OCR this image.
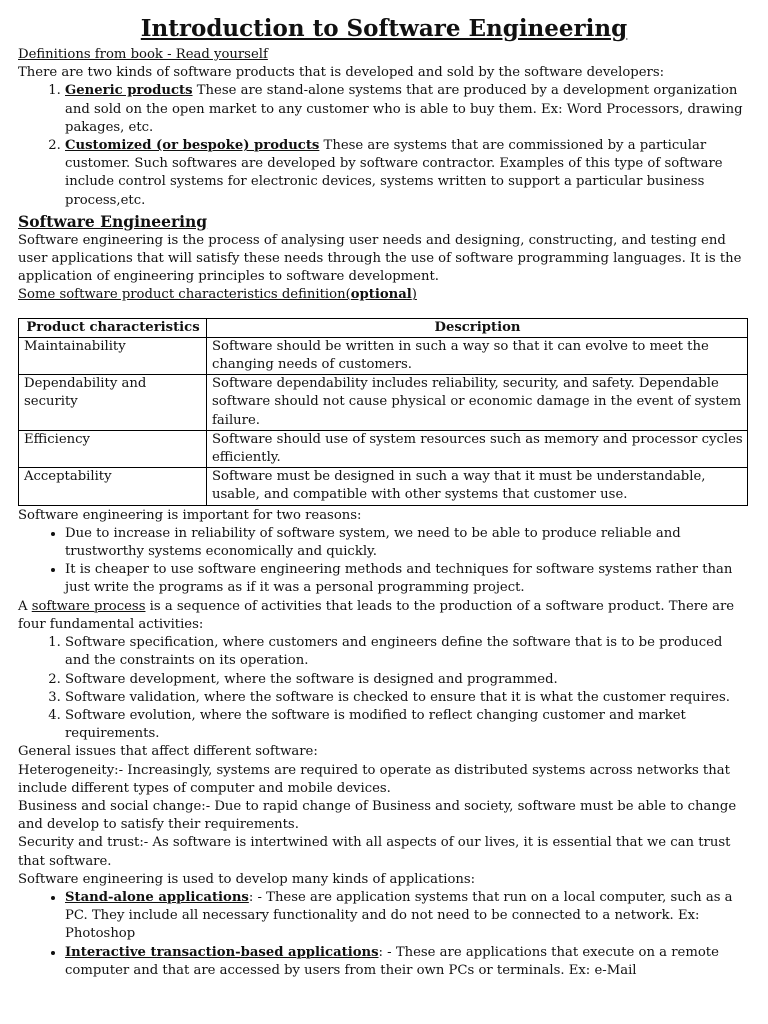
Introduction to Software Engineering

Definitions from book - Read yourself

There are two kinds of software products that is developed and sold by the software developers:

1. Generic products These are stand-alone systems that are produced by a development organization and sold on the open market to any customer who is able to buy them. Ex: Word Processors, drawing pakages, etc.
2. Customized (or bespoke) products These are systems that are commissioned by a particular customer. Such softwares are developed by software contractor. Examples of this type of software include control systems for electronic devices, systems written to support a particular business process,etc.
Software Engineering

Software engineering is the process of analysing user needs and designing, constructing, and testing end user applications that will satisfy these needs through the use of software programming languages. It is the application of engineering principles to software development.

Some software product characteristics definition(optional)

Product characteristics	Description
Maintainability	Software should be written in such a way so that it can evolve to meet the changing needs of customers.
Dependability and security	Software dependability includes reliability, security, and safety. Dependable software should not cause physical or economic damage in the event of system failure.
Efficiency	Software should use of system resources such as memory and processor cycles efficiently.
Acceptability	Software must be designed in such a way that it must be understandable, usable, and compatible with other systems that customer use.

Software engineering is important for two reasons:

• Due to increase in reliability of software system, we need to be able to produce reliable and trustworthy systems economically and quickly.
• It is cheaper to use software engineering methods and techniques for software systems rather than just write the programs as if it was a personal programming project.

A software process is a sequence of activities that leads to the production of a software product. There are four fundamental activities:

1. Software specification, where customers and engineers define the software that is to be produced and the constraints on its operation.
2. Software development, where the software is designed and programmed.
3. Software validation, where the software is checked to ensure that it is what the customer requires.
4. Software evolution, where the software is modified to reflect changing customer and market requirements.

General issues that affect different software:

Heterogeneity:- Increasingly, systems are required to operate as distributed systems across networks that include different types of computer and mobile devices.

Business and social change:- Due to rapid change of Business and society, software must be able to change and develop to satisfy their requirements.

Security and trust:- As software is intertwined with all aspects of our lives, it is essential that we can trust that software.

Software engineering is used to develop many kinds of applications:

• Stand-alone applications: - These are application systems that run on a local computer, such as a PC. They include all necessary functionality and do not need to be connected to a network. Ex: Photoshop
• Interactive transaction-based applications: - These are applications that execute on a remote computer and that are accessed by users from their own PCs or terminals. Ex: e-Mail
